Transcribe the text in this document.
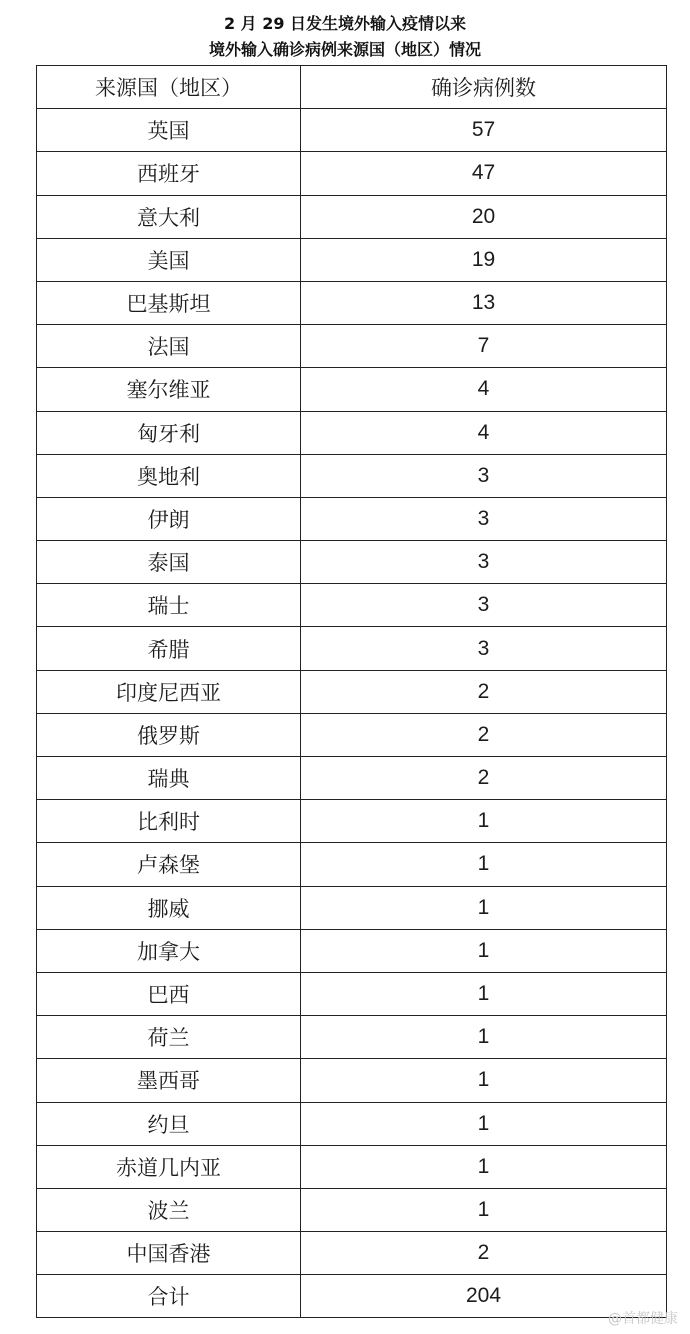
2 月 29 日发生境外输入疫情以来
境外输入确诊病例来源国（地区）情况
来源国（地区）	确诊病例数
英国	57
西班牙	47
意大利	20
美国	19
巴基斯坦	13
法国	7
塞尔维亚	4
匈牙利	4
奥地利	3
伊朗	3
泰国	3
瑞士	3
希腊	3
印度尼西亚	2
俄罗斯	2
瑞典	2
比利时	1
卢森堡	1
挪威	1
加拿大	1
巴西	1
荷兰	1
墨西哥	1
约旦	1
赤道几内亚	1
波兰	1
中国香港	2
合计	204
@首都健康
